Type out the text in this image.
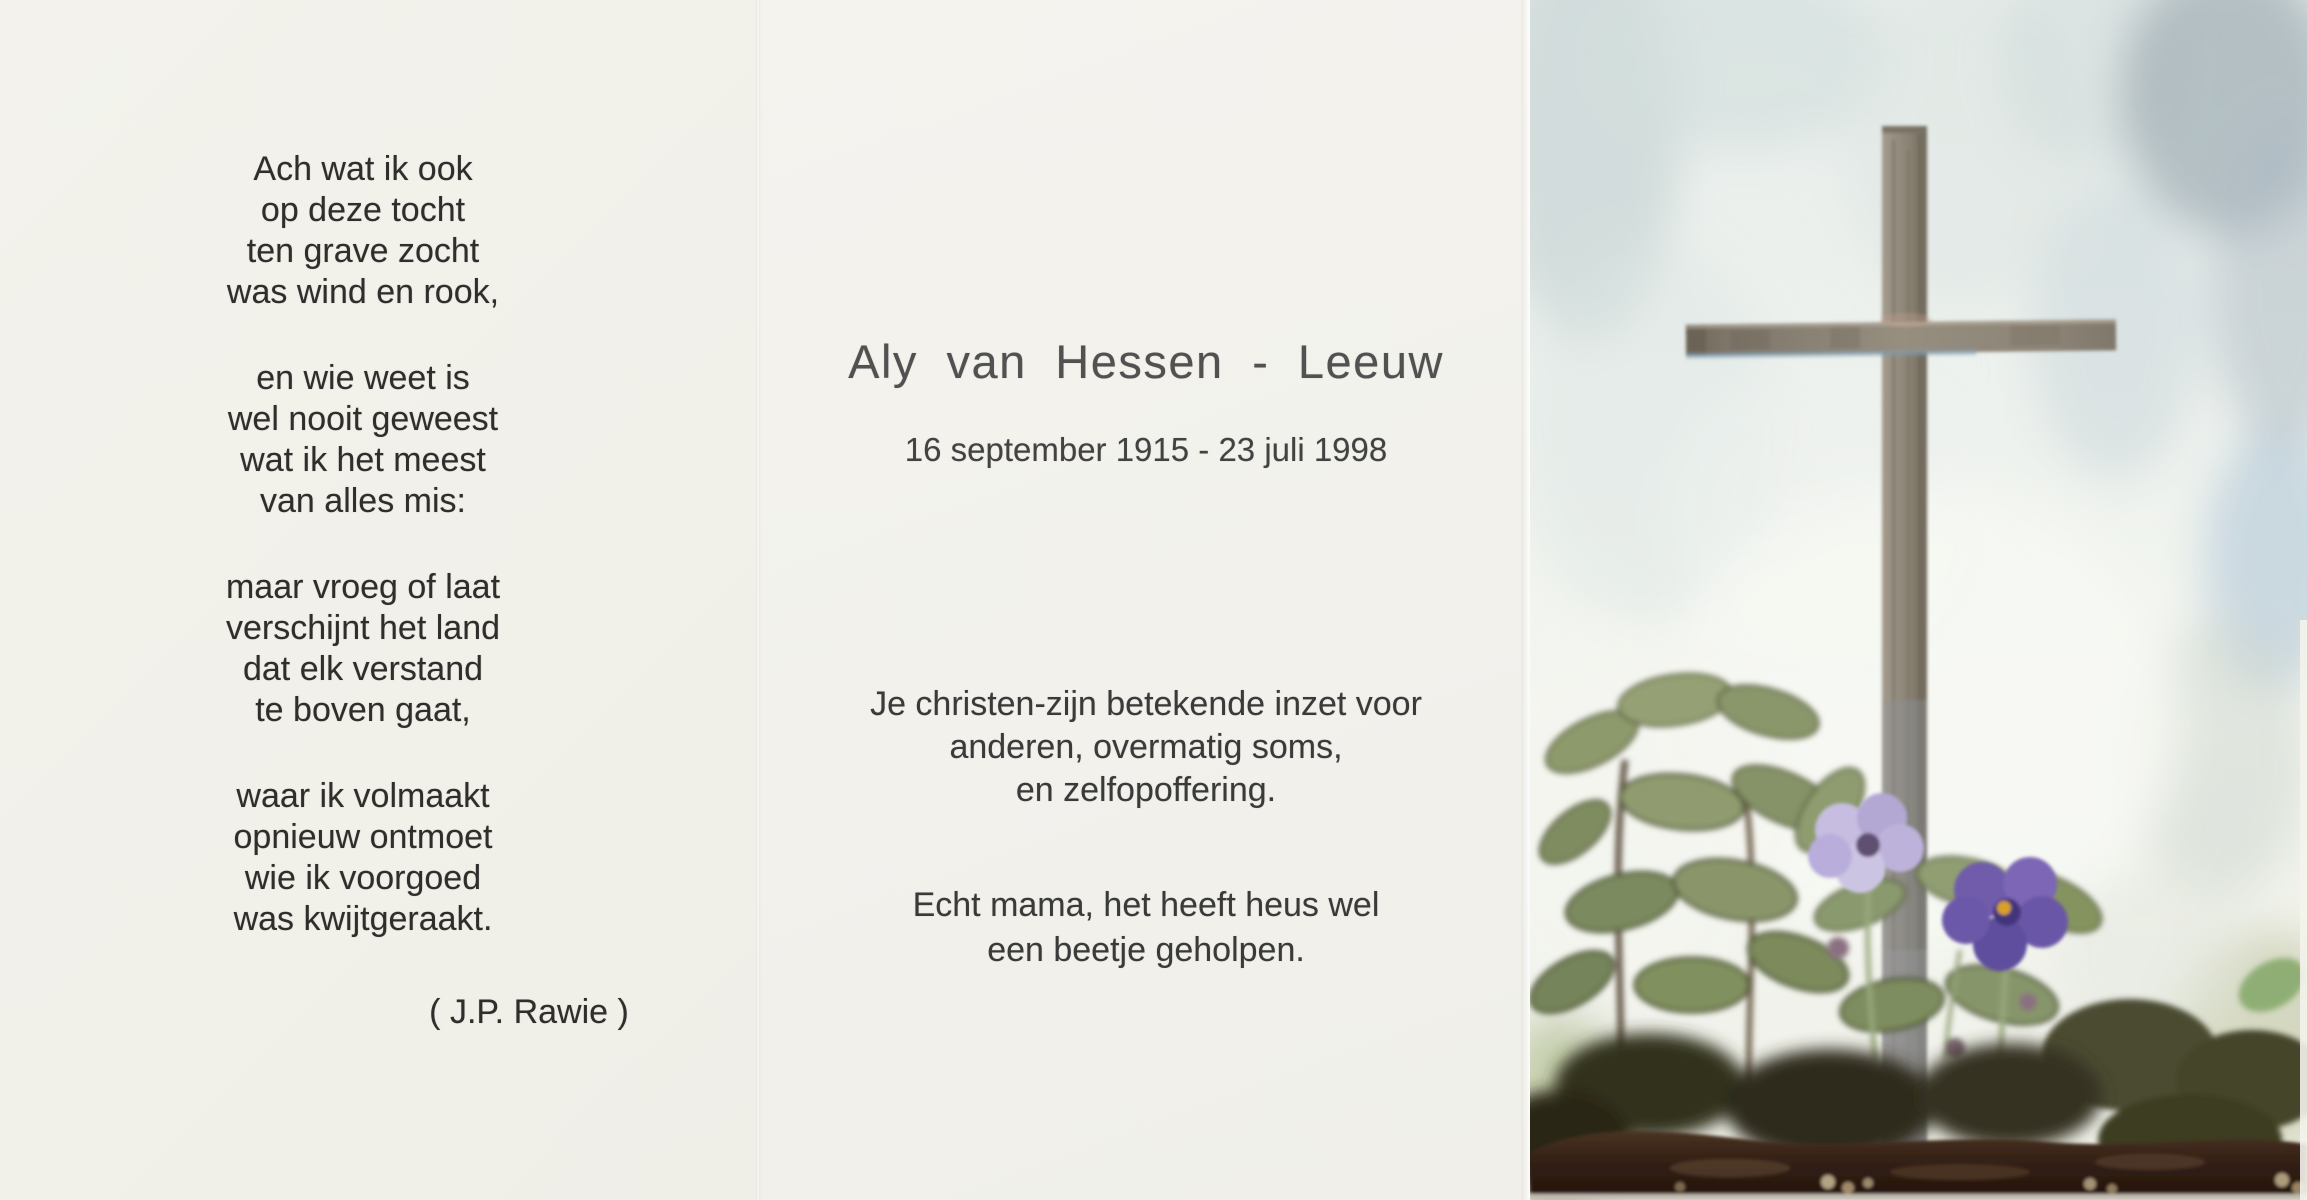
Ach wat ik ook
op deze tocht
ten grave zocht
was wind en rook,
en wie weet is
wel nooit geweest
wat ik het meest
van alles mis:
maar vroeg of laat
verschijnt het land
dat elk verstand
te boven gaat,
waar ik volmaakt
opnieuw ontmoet
wie ik voorgoed
was kwijtgeraakt.
( J.P. Rawie )
Aly van Hessen - Leeuw
16 september 1915 - 23 juli 1998
Je christen-zijn betekende inzet voor
anderen, overmatig soms,
en zelfopoffering.
Echt mama, het heeft heus wel
een beetje geholpen.
